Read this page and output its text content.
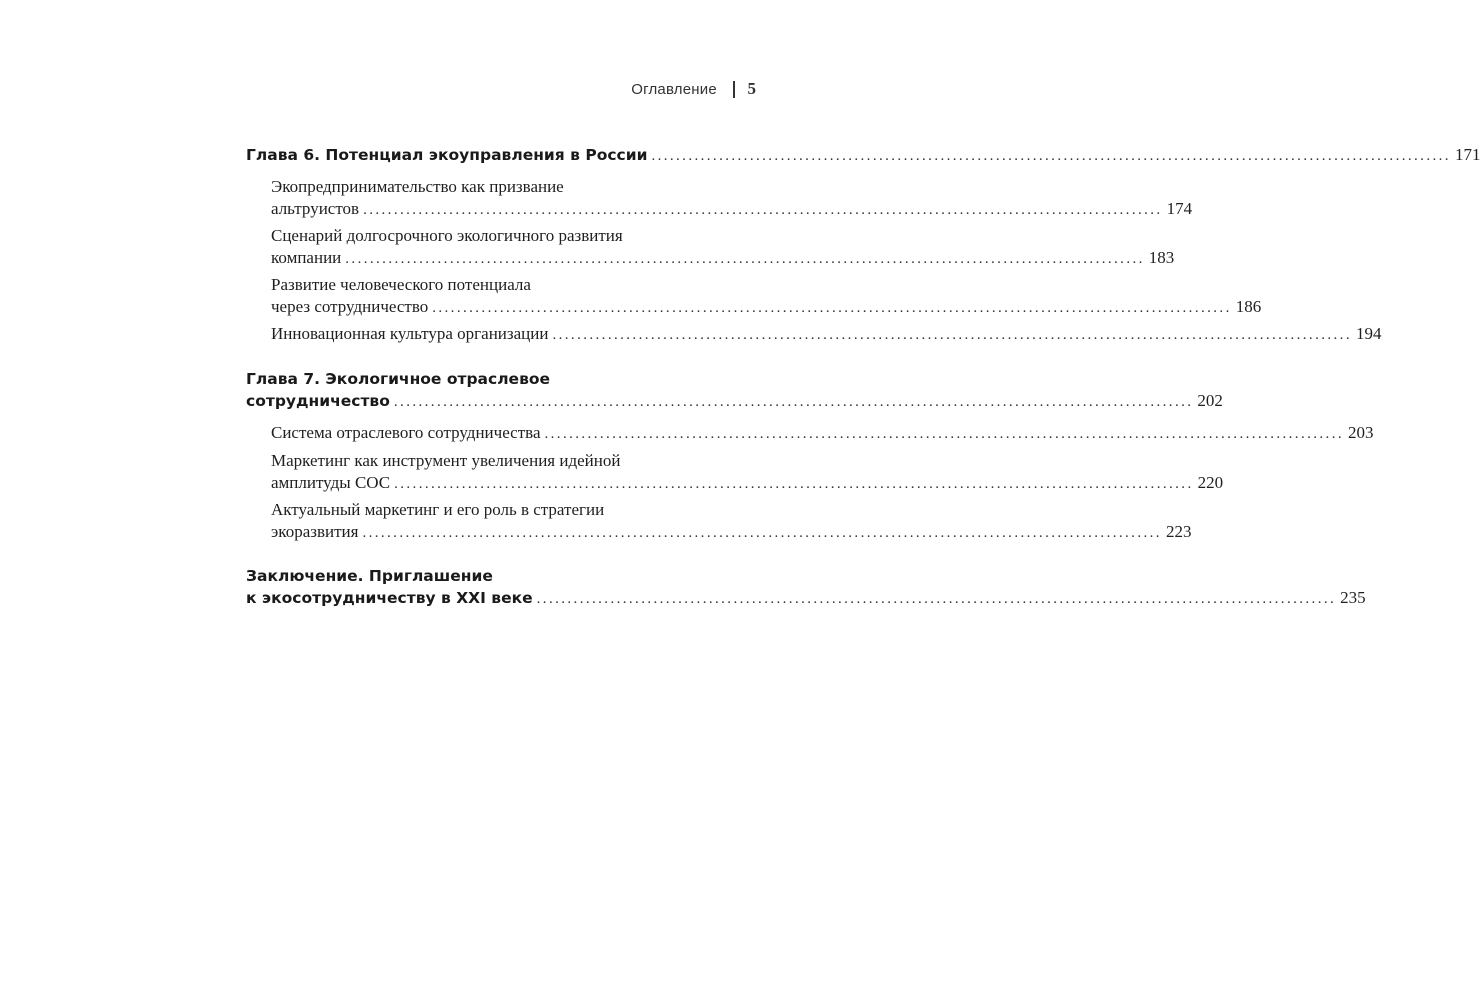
Оглавление 5
Глава 6. Потенциал экоуправления в России .................................................................................................................................. 171
Экопредпринимательство как призвание
альтруистов .................................................................................................................................. 174
Сценарий долгосрочного экологичного развития
компании .................................................................................................................................. 183
Развитие человеческого потенциала
через сотрудничество .................................................................................................................................. 186
Инновационная культура организации .................................................................................................................................. 194
Глава 7. Экологичное отраслевое
сотрудничество .................................................................................................................................. 202
Система отраслевого сотрудничества .................................................................................................................................. 203
Маркетинг как инструмент увеличения идейной
амплитуды СОС .................................................................................................................................. 220
Актуальный маркетинг и его роль в стратегии
экоразвития .................................................................................................................................. 223
Заключение. Приглашение
к экосотрудничеству в XXI веке .................................................................................................................................. 235
